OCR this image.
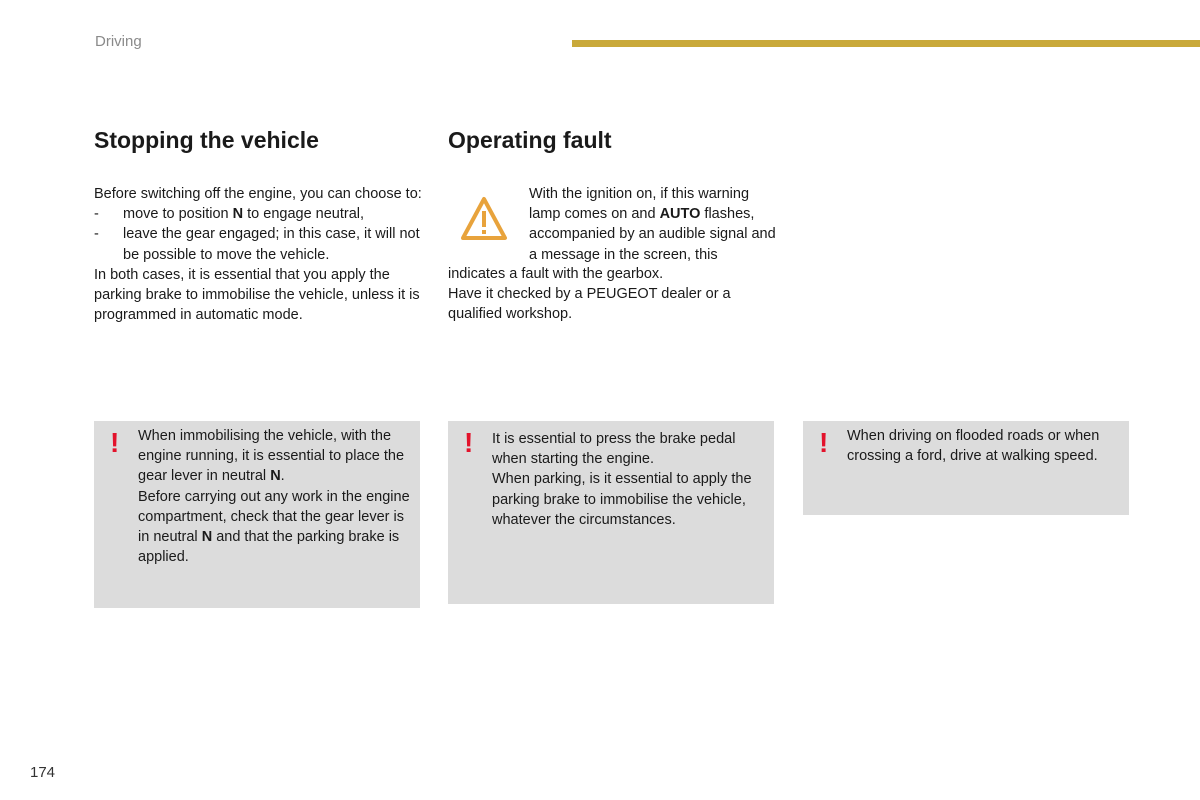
Driving
Stopping the vehicle	Operating fault

Before switching off the engine, you can choose to:

- move to position N to engage neutral,

- leave the gear engaged; in this case, it will not be possible to move the vehicle.

In both cases, it is essential that you apply the parking brake to immobilise the vehicle, unless it is programmed in automatic mode.

With the ignition on, if this warning lamp comes on and AUTO flashes, accompanied by an audible signal and a message in the screen, this

indicates a fault with the gearbox.

Have it checked by a PEUGEOT dealer or a qualified workshop.

! When immobilising the vehicle, with the engine running, it is essential to place the gear lever in neutral N.

Before carrying out any work in the engine compartment, check that the gear lever is in neutral N and that the parking brake is applied.

! It is essential to press the brake pedal when starting the engine.

When parking, is it essential to apply the parking brake to immobilise the vehicle, whatever the circumstances.

! When driving on flooded roads or when crossing a ford, drive at walking speed.

174
